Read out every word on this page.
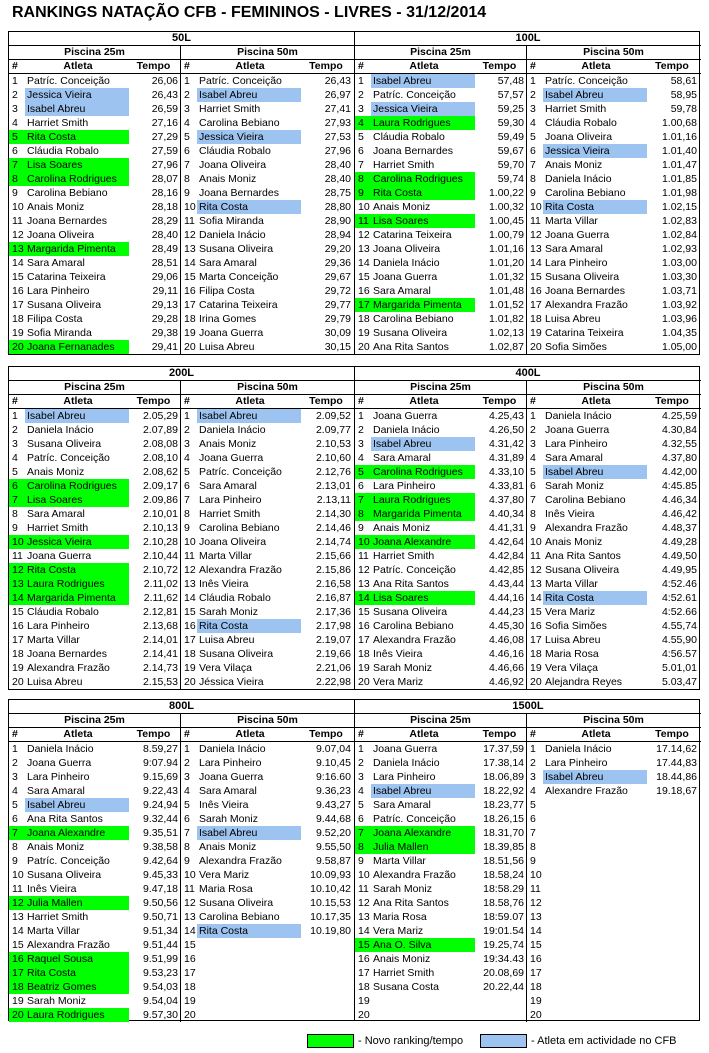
RANKINGS NATAÇÃO CFB - FEMININOS - LIVRES - 31/12/2014
50L
Piscina 25m	Piscina 50m
#	Atleta	Tempo	#	Atleta	Tempo
1 Patríc. Conceição	26,06 1 Patríc. Conceição	26,43
2 Jessica Vieira	26,43 2 Isabel Abreu	26,97
3 Isabel Abreu	26,59 3 Harriet Smith	27,41
4 Harriet Smith	27,16 4 Carolina Bebiano	27,93
5 Rita Costa	27,29 5 Jessica Vieira	27,53
6 Cláudia Robalo	27,59 6 Cláudia Robalo	27,96
7 Lisa Soares	27,96 7 Joana Oliveira	28,40
8 Carolina Rodrigues	28,07 8 Anais Moniz	28,40
9 Carolina Bebiano	28,16 9 Joana Bernardes	28,75
10 Anais Moniz	28,18 10 Rita Costa	28,80
11 Joana Bernardes	28,29 11 Sofia Miranda	28,90
12 Joana Oliveira	28,40 12 Daniela Inácio	28,94
13 Margarida Pimenta	28,49 13 Susana Oliveira	29,20
14 Sara Amaral	28,51 14 Sara Amaral	29,36
15 Catarina Teixeira	29,06 15 Marta Conceição	29,67
16 Lara Pinheiro	29,11 16 Filipa Costa	29,72
17 Susana Oliveira	29,13 17 Catarina Teixeira	29,77
18 Filipa Costa	29,28 18 Irina Gomes	29,79
19 Sofia Miranda	29,38 19 Joana Guerra	30,09
20 Joana Fernanades	29,41 20 Luisa Abreu	30,15
100L
Piscina 25m	Piscina 50m
#	Atleta	Tempo	#	Atleta	Tempo
1 Isabel Abreu	57,48 1 Patríc. Conceição	58,61
2 Patríc. Conceição	57,57 2 Isabel Abreu	58,95
3 Jessica Vieira	59,25 3 Harriet Smith	59,78
4 Laura Rodrigues	59,30 4 Cláudia Robalo	1.00,68
5 Cláudia Robalo	59,49 5 Joana Oliveira	1.01,16
6 Joana Bernardes	59,67 6 Jessica Vieira	1.01,40
7 Harriet Smith	59,70 7 Anais Moniz	1.01,47
8 Carolina Rodrigues	59,74 8 Daniela Inácio	1.01,85
9 Rita Costa	1.00,22 9 Carolina Bebiano	1.01,98
10 Anais Moniz	1.00,32 10 Rita Costa	1.02,15
11 Lisa Soares	1.00,45 11 Marta Villar	1.02,83
12 Catarina Teixeira	1.00,79 12 Joana Guerra	1.02,84
13 Joana Oliveira	1.01,16 13 Sara Amaral	1.02,93
14 Daniela Inácio	1.01,20 14 Lara Pinheiro	1.03,00
15 Joana Guerra	1.01,32 15 Susana Oliveira	1.03,30
16 Sara Amaral	1.01,48 16 Joana Bernardes	1.03,71
17 Margarida Pimenta	1.01,52 17 Alexandra Frazão	1.03,92
18 Carolina Bebiano	1.01,82 18 Luisa Abreu	1.03,96
19 Susana Oliveira	1.02,13 19 Catarina Teixeira	1.04,35
20 Ana Rita Santos	1.02,87 20 Sofia Simões	1.05,00
200L
Piscina 25m	Piscina 50m
#	Atleta	Tempo	#	Atleta	Tempo
1 Isabel Abreu	2.05,29 1 Isabel Abreu	2.09,52
2 Daniela Inácio	2.07,89 2 Daniela Inácio	2.09,77
3 Susana Oliveira	2.08,08 3 Anais Moniz	2.10,53
4 Patríc. Conceição	2.08,10 4 Joana Guerra	2.10,60
5 Anais Moniz	2.08,62 5 Patríc. Conceição	2.12,76
6 Carolina Rodrigues	2.09,17 6 Sara Amaral	2.13,01
7 Lisa Soares	2.09,86 7 Lara Pinheiro	2.13,11
8 Sara Amaral	2.10,01 8 Harriet Smith	2.14,30
9 Harriet Smith	2.10,13 9 Carolina Bebiano	2.14,46
10 Jessica Vieira	2.10,28 10 Joana Oliveira	2.14,74
11 Joana Guerra	2.10,44 11 Marta Villar	2.15,66
12 Rita Costa	2.10,72 12 Alexandra Frazão	2.15,86
13 Laura Rodrigues	2.11,02 13 Inês Vieira	2.16,58
14 Margarida Pimenta	2.11,62 14 Cláudia Robalo	2.16,87
15 Cláudia Robalo	2.12,81 15 Sarah Moniz	2.17,36
16 Lara Pinheiro	2.13,68 16 Rita Costa	2.17,98
17 Marta Villar	2.14,01 17 Luisa Abreu	2.19,07
18 Joana Bernardes	2.14,41 18 Susana Oliveira	2.19,66
19 Alexandra Frazão	2.14,73 19 Vera Vilaça	2.21,06
20 Luisa Abreu	2.15,53 20 Jéssica Vieira	2.22,98
400L
Piscina 25m	Piscina 50m
#	Atleta	Tempo	#	Atleta	Tempo
1 Joana Guerra	4.25,43 1 Daniela Inácio	4.25,59
2 Daniela Inácio	4.26,50 2 Joana Guerra	4.30,84
3 Isabel Abreu	4.31,42 3 Lara Pinheiro	4.32,55
4 Sara Amaral	4.31,89 4 Sara Amaral	4.37,80
5 Carolina Rodrigues	4.33,10 5 Isabel Abreu	4.42,00
6 Lara Pinheiro	4.33,81 6 Sarah Moniz	4:45.85
7 Laura Rodrigues	4.37,80 7 Carolina Bebiano	4.46,34
8 Margarida Pimenta	4.40,34 8 Inês Vieira	4.46,42
9 Anais Moniz	4.41,31 9 Alexandra Frazão	4.48,37
10 Joana Alexandre	4.42,64 10 Anais Moniz	4.49,28
11 Harriet Smith	4.42,84 11 Ana Rita Santos	4.49,50
12 Patríc. Conceição	4.42,85 12 Susana Oliveira	4.49,95
13 Ana Rita Santos	4.43,44 13 Marta Villar	4:52.46
14 Lisa Soares	4.44,16 14 Rita Costa	4:52.61
15 Susana Oliveira	4.44,23 15 Vera Mariz	4:52.66
16 Carolina Bebiano	4.45,30 16 Sofia Simões	4.55,74
17 Alexandra Frazão	4.46,08 17 Luisa Abreu	4.55,90
18 Inês Vieira	4.46,16 18 Maria Rosa	4:56.57
19 Sarah Moniz	4.46,66 19 Vera Vilaça	5.01,01
20 Vera Mariz	4.46,92 20 Alejandra Reyes	5.03,47
800L
Piscina 25m	Piscina 50m
#	Atleta	Tempo	#	Atleta	Tempo
1 Daniela Inácio	8.59,27 1 Daniela Inácio	9.07,04
2 Joana Guerra	9:07.94 2 Lara Pinheiro	9.10,45
3 Lara Pinheiro	9.15,69 3 Joana Guerra	9:16.60
4 Sara Amaral	9.22,43 4 Sara Amaral	9.36,23
5 Isabel Abreu	9.24,94 5 Inês Vieira	9.43,27
6 Ana Rita Santos	9.32,44 6 Sarah Moniz	9.44,68
7 Joana Alexandre	9.35,51 7 Isabel Abreu	9.52,20
8 Anais Moniz	9.38,58 8 Anais Moniz	9.55,50
9 Patríc. Conceição	9.42,64 9 Alexandra Frazão	9.58,87
10 Susana Oliveira	9.45,33 10 Vera Mariz	10.09,93
11 Inês Vieira	9.47,18 11 Maria Rosa	10.10,42
12 Julia Mallen	9.50,56 12 Susana Oliveira	10.15,53
13 Harriet Smith	9.50,71 13 Carolina Bebiano	10.17,35
14 Marta Villar	9.51,34 14 Rita Costa	10.19,80
15 Alexandra Frazão	9.51,44 15
16 Raquel Sousa	9.51,99 16
17 Rita Costa	9.53,23 17
18 Beatriz Gomes	9.54,03 18
19 Sarah Moniz	9.54,04 19
20 Laura Rodrigues	9.57,30 20
1500L
Piscina 25m	Piscina 50m
#	Atleta	Tempo	#	Atleta	Tempo
1 Joana Guerra	17.37,59 1 Daniela Inácio	17.14,62
2 Daniela Inácio	17.38,14 2 Lara Pinheiro	17.44,83
3 Lara Pinheiro	18.06,89 3 Isabel Abreu	18.44,86
4 Isabel Abreu	18.22,92 4 Alexandre Frazão	19.18,67
5 Sara Amaral	18.23,77 5
6 Patríc. Conceição	18.26,15 6
7 Joana Alexandre	18.31,70 7
8 Julia Mallen	18.39,85 8
9 Marta Villar	18.51,56 9
10 Alexandra Frazão	18.58,24 10
11 Sarah Moniz	18:58.29 11
12 Ana Rita Santos	18.58,76 12
13 Maria Rosa	18:59.07 13
14 Vera Mariz	19:01.54 14
15 Ana O. Silva	19.25,74 15
16 Anais Moniz	19:34.43 16
17 Harriet Smith	20.08,69 17
18 Susana Costa	20.22,44 18
19	19
20	20
- Novo ranking/tempo	- Atleta em actividade no CFB
